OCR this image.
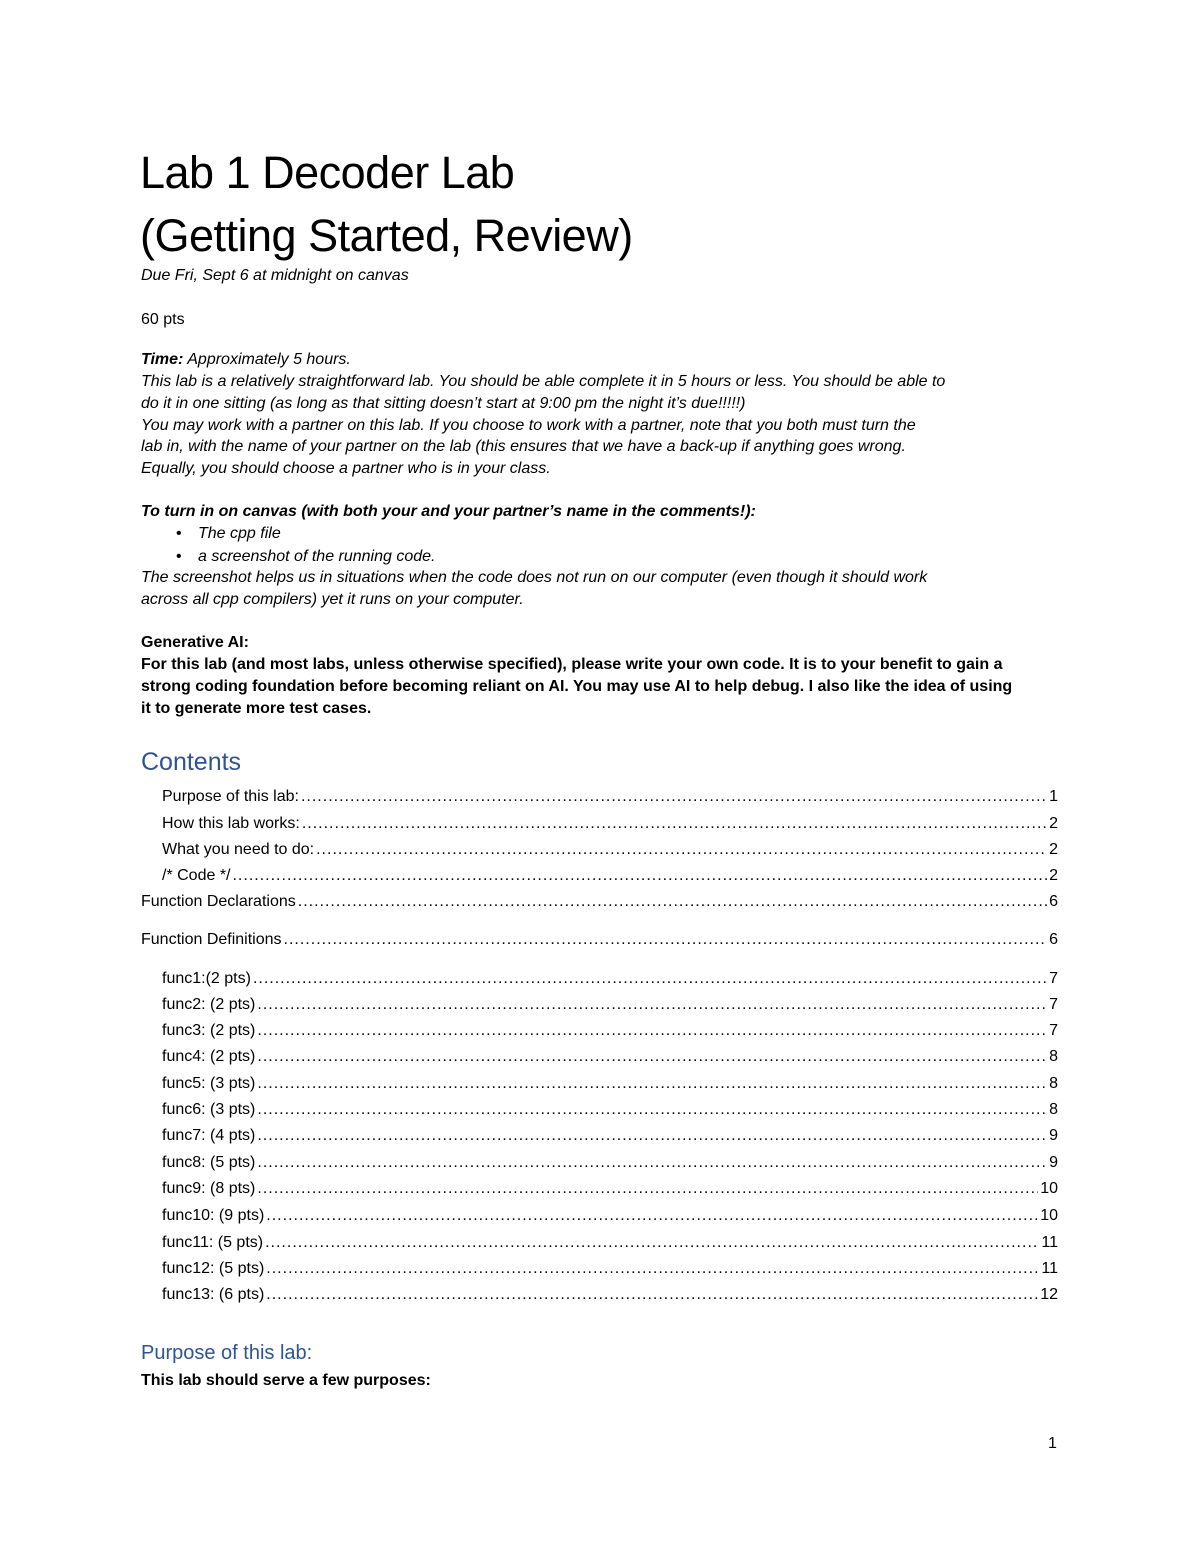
Lab 1 Decoder Lab
(Getting Started, Review)
Due Fri, Sept 6 at midnight on canvas
60 pts
Time: Approximately 5 hours.
This lab is a relatively straightforward lab. You should be able complete it in 5 hours or less. You should be able to
do it in one sitting (as long as that sitting doesn’t start at 9:00 pm the night it’s due!!!!!)
You may work with a partner on this lab. If you choose to work with a partner, note that you both must turn the
lab in, with the name of your partner on the lab (this ensures that we have a back-up if anything goes wrong.
Equally, you should choose a partner who is in your class.
To turn in on canvas (with both your and your partner’s name in the comments!):
• The cpp file
• a screenshot of the running code.
The screenshot helps us in situations when the code does not run on our computer (even though it should work
across all cpp compilers) yet it runs on your computer.
Generative AI:
For this lab (and most labs, unless otherwise specified), please write your own code. It is to your benefit to gain a
strong coding foundation before becoming reliant on AI. You may use AI to help debug. I also like the idea of using
it to generate more test cases.
Contents
Purpose of this lab: .....	1
How this lab works: .....	2
What you need to do: .....	2
/* Code */ .....	2
Function Declarations .....	6
Function Definitions .....	6
func1:(2 pts) .....	7
func2: (2 pts) .....	7
func3: (2 pts) .....	7
func4: (2 pts) .....	8
func5: (3 pts) .....	8
func6: (3 pts) .....	8
func7: (4 pts) .....	9
func8: (5 pts) .....	9
func9: (8 pts) .....	10
func10: (9 pts) .....	10
func11: (5 pts) .....	11
func12: (5 pts) .....	11
func13: (6 pts) .....	12
Purpose of this lab:
This lab should serve a few purposes:
1
